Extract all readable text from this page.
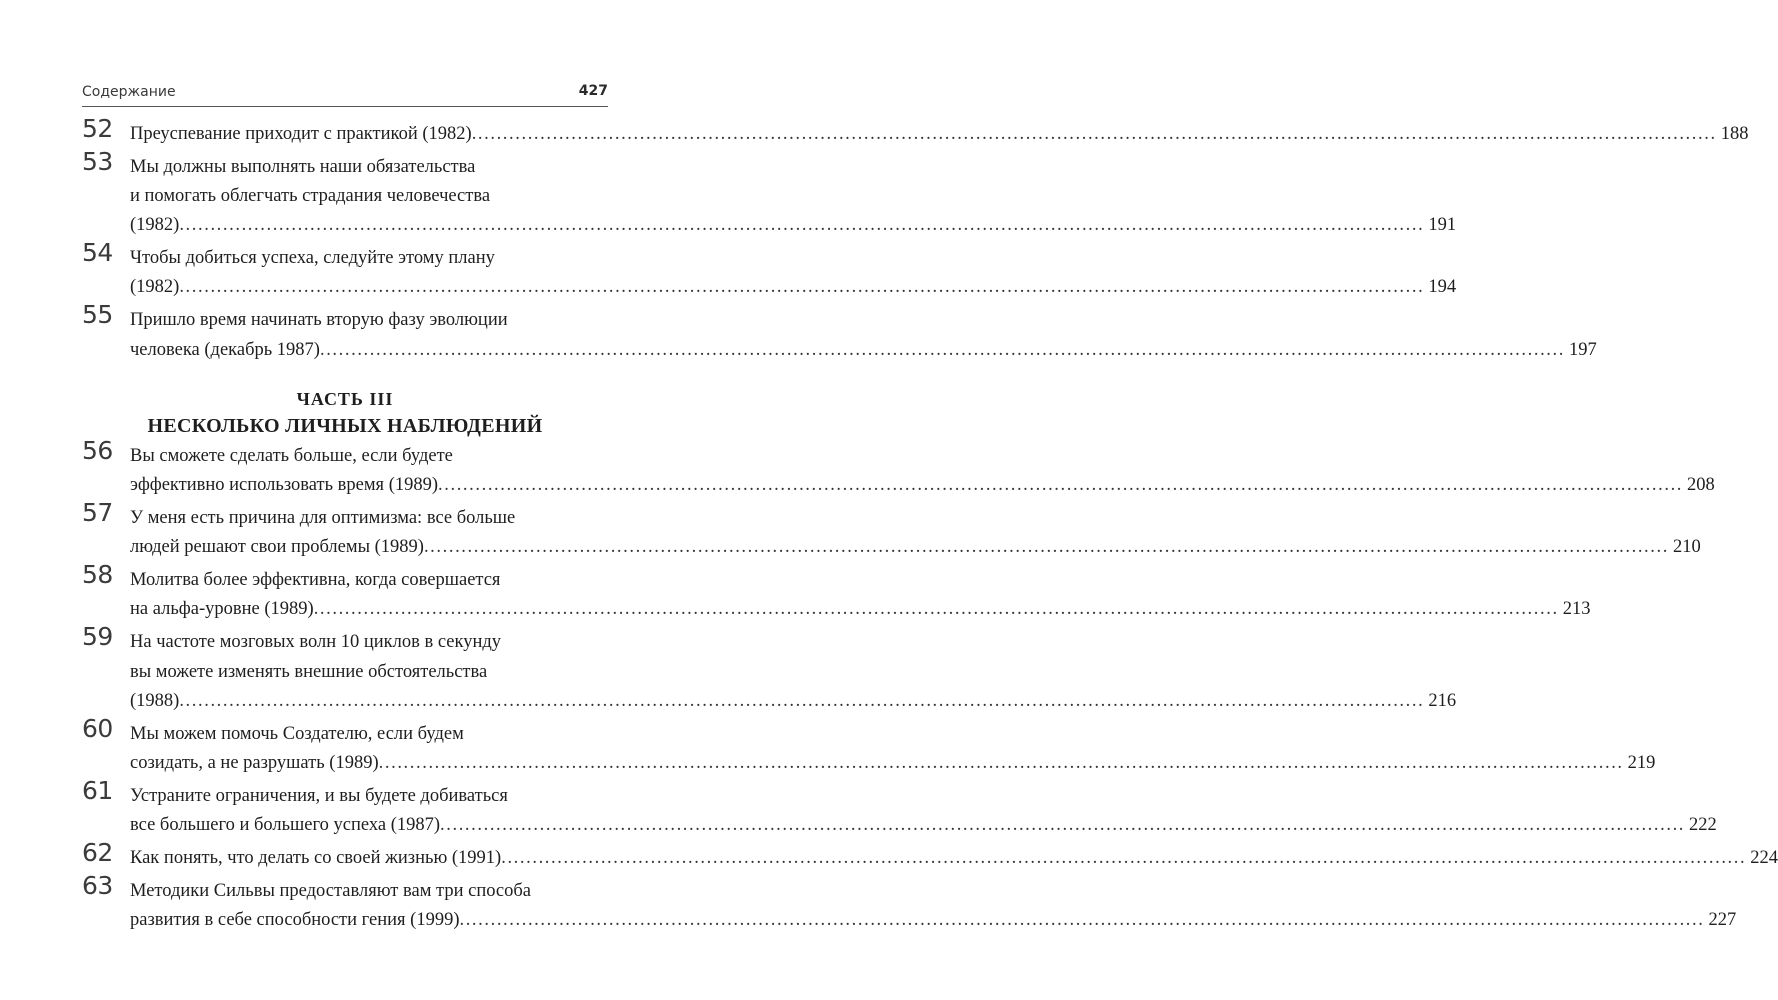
Содержание	427
52 Преуспевание приходит с практикой (1982) ........................................................................................................................................................................................................ 188
53 Мы должны выполнять наши обязательства
и помогать облегчать страдания человечества
(1982) ........................................................................................................................................................................................................ 191
54 Чтобы добиться успеха, следуйте этому плану
(1982) ........................................................................................................................................................................................................ 194
55 Пришло время начинать вторую фазу эволюции
человека (декабрь 1987) ........................................................................................................................................................................................................ 197
ЧАСТЬ III
НЕСКОЛЬКО ЛИЧНЫХ НАБЛЮДЕНИЙ
56 Вы сможете сделать больше, если будете
эффективно использовать время (1989) ........................................................................................................................................................................................................ 208
57 У меня есть причина для оптимизма: все больше
людей решают свои проблемы (1989) ........................................................................................................................................................................................................ 210
58 Молитва более эффективна, когда совершается
на альфа-уровне (1989) ........................................................................................................................................................................................................ 213
59 На частоте мозговых волн 10 циклов в секунду
вы можете изменять внешние обстоятельства
(1988) ........................................................................................................................................................................................................ 216
60 Мы можем помочь Создателю, если будем
созидать, а не разрушать (1989) ........................................................................................................................................................................................................ 219
61 Устраните ограничения, и вы будете добиваться
все большего и большего успеха (1987) ........................................................................................................................................................................................................ 222
62 Как понять, что делать со своей жизнью (1991) ........................................................................................................................................................................................................ 224
63 Методики Сильвы предоставляют вам три способа
развития в себе способности гения (1999) ........................................................................................................................................................................................................ 227
